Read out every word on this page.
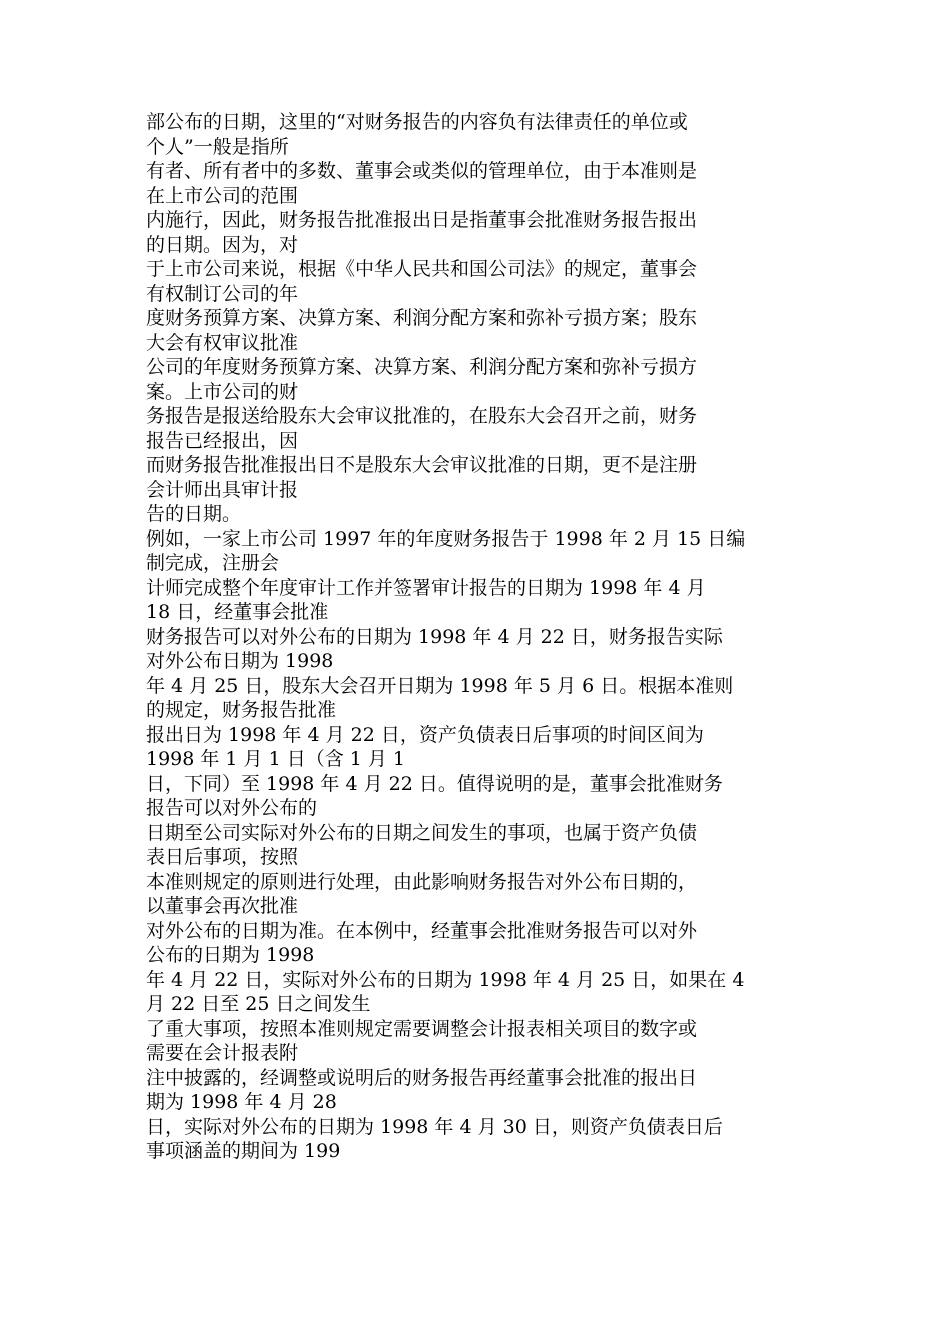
部公布的日期，这里的“对财务报告的内容负有法律责任的单位或
个人”一般是指所
有者、所有者中的多数、董事会或类似的管理单位，由于本准则是
在上市公司的范围
内施行，因此，财务报告批准报出日是指董事会批准财务报告报出
的日期。因为，对
于上市公司来说，根据《中华人民共和国公司法》的规定，董事会
有权制订公司的年
度财务预算方案、决算方案、利润分配方案和弥补亏损方案；股东
大会有权审议批准
公司的年度财务预算方案、决算方案、利润分配方案和弥补亏损方
案。上市公司的财
务报告是报送给股东大会审议批准的，在股东大会召开之前，财务
报告已经报出，因
而财务报告批准报出日不是股东大会审议批准的日期，更不是注册
会计师出具审计报
告的日期。
例如，一家上市公司 1997 年的年度财务报告于 1998 年 2 月 15 日编
制完成，注册会
计师完成整个年度审计工作并签署审计报告的日期为 1998 年 4 月
18 日，经董事会批准
财务报告可以对外公布的日期为 1998 年 4 月 22 日，财务报告实际
对外公布日期为 1998
年 4 月 25 日，股东大会召开日期为 1998 年 5 月 6 日。根据本准则
的规定，财务报告批准
报出日为 1998 年 4 月 22 日，资产负债表日后事项的时间区间为
1998 年 1 月 1 日（含 1 月 1
日，下同）至 1998 年 4 月 22 日。值得说明的是，董事会批准财务
报告可以对外公布的
日期至公司实际对外公布的日期之间发生的事项，也属于资产负债
表日后事项，按照
本准则规定的原则进行处理，由此影响财务报告对外公布日期的，
以董事会再次批准
对外公布的日期为准。在本例中，经董事会批准财务报告可以对外
公布的日期为 1998
年 4 月 22 日，实际对外公布的日期为 1998 年 4 月 25 日，如果在 4
月 22 日至 25 日之间发生
了重大事项，按照本准则规定需要调整会计报表相关项目的数字或
需要在会计报表附
注中披露的，经调整或说明后的财务报告再经董事会批准的报出日
期为 1998 年 4 月 28
日，实际对外公布的日期为 1998 年 4 月 30 日，则资产负债表日后
事项涵盖的期间为 199
